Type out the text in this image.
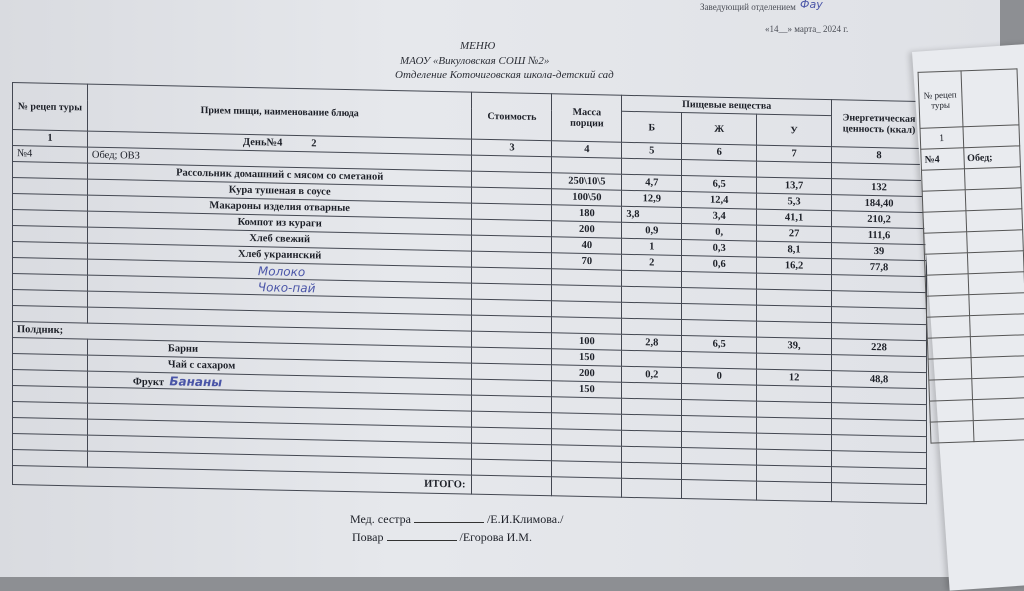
Заведующий отделением Фау
«14__» марта_ 2024 г.
МЕНЮ
МАОУ «Викуловская СОШ №2»
Отделение Коточиговская школа-детский сад
№ рецеп туры	Прием пищи, наименование блюда	Стоимость	Масса порции	Пищевые вещества			Энергетическая ценность (ккал)
				Б	Ж	У	
1	День№4 2	3	4	5	6	7	8
№4	Обед; ОВЗ						
	Рассольник домашний с мясом со сметаной		250\10\5	4,7	6,5	13,7	132
	Кура тушеная в соусе		100\50	12,9	12,4	5,3	184,40
	Макароны изделия отварные		180	3,8	3,4	41,1	210,2
	Компот из кураги		200	0,9	0,	27	111,6
	Хлеб свежий		40	1	0,3	8,1	39
	Хлеб украинский		70	2	0,6	16,2	77,8
	Молоко						
	Чоко-пай						

Полдник;			100	2,8	6,5	39,	228
	Барни		150				
	Чай с сахаром		200	0,2	0	12	48,8
	Фрукт Бананы		150				

ИТОГО:							
Мед. сестра	/Е.И.Климова./
Повар	/Егорова И.М.
№ рецеп туры	
1	
№4	Обед;
